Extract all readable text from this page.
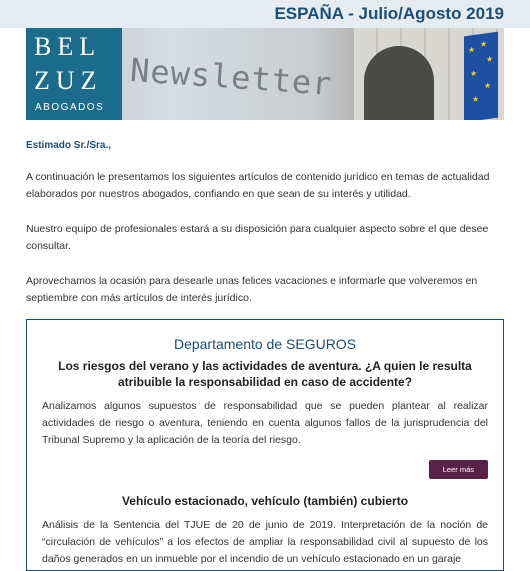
ESPAÑA - Julio/Agosto 2019
BEL
ZUZ
ABOGADOS
Newsletter
★
★
★
★
★
★
Estimado Sr./Sra.,

A continuación le presentamos los siguientes artículos de contenido jurídico en temas de actualidad elaborados por nuestros abogados, confiando en que sean de su interés y utilidad.

Nuestro equipo de profesionales estará a su disposición para cualquier aspecto sobre el que desee consultar.

Aprovechamos la ocasión para desearle unas felices vacaciones e informarle que volveremos en septiembre con más artículos de interés jurídico.

Departamento de SEGUROS
Los riesgos del verano y las actividades de aventura. ¿A quien le resulta atribuible la responsabilidad en caso de accidente?
Analizamos algunos supuestos de responsabilidad que se pueden plantear al realizar actividades de riesgo o aventura, teniendo en cuenta algunos fallos de la jurisprudencia del Tribunal Supremo y la aplicación de la teoría del riesgo.
Leer más
Vehículo estacionado, vehículo (también) cubierto
Análisis de la Sentencia del TJUE de 20 de junio de 2019. Interpretación de la noción de “circulación de vehículos” a los efectos de ampliar la responsabilidad civil al supuesto de los daños generados en un inmueble por el incendio de un vehículo estacionado en un garaje
